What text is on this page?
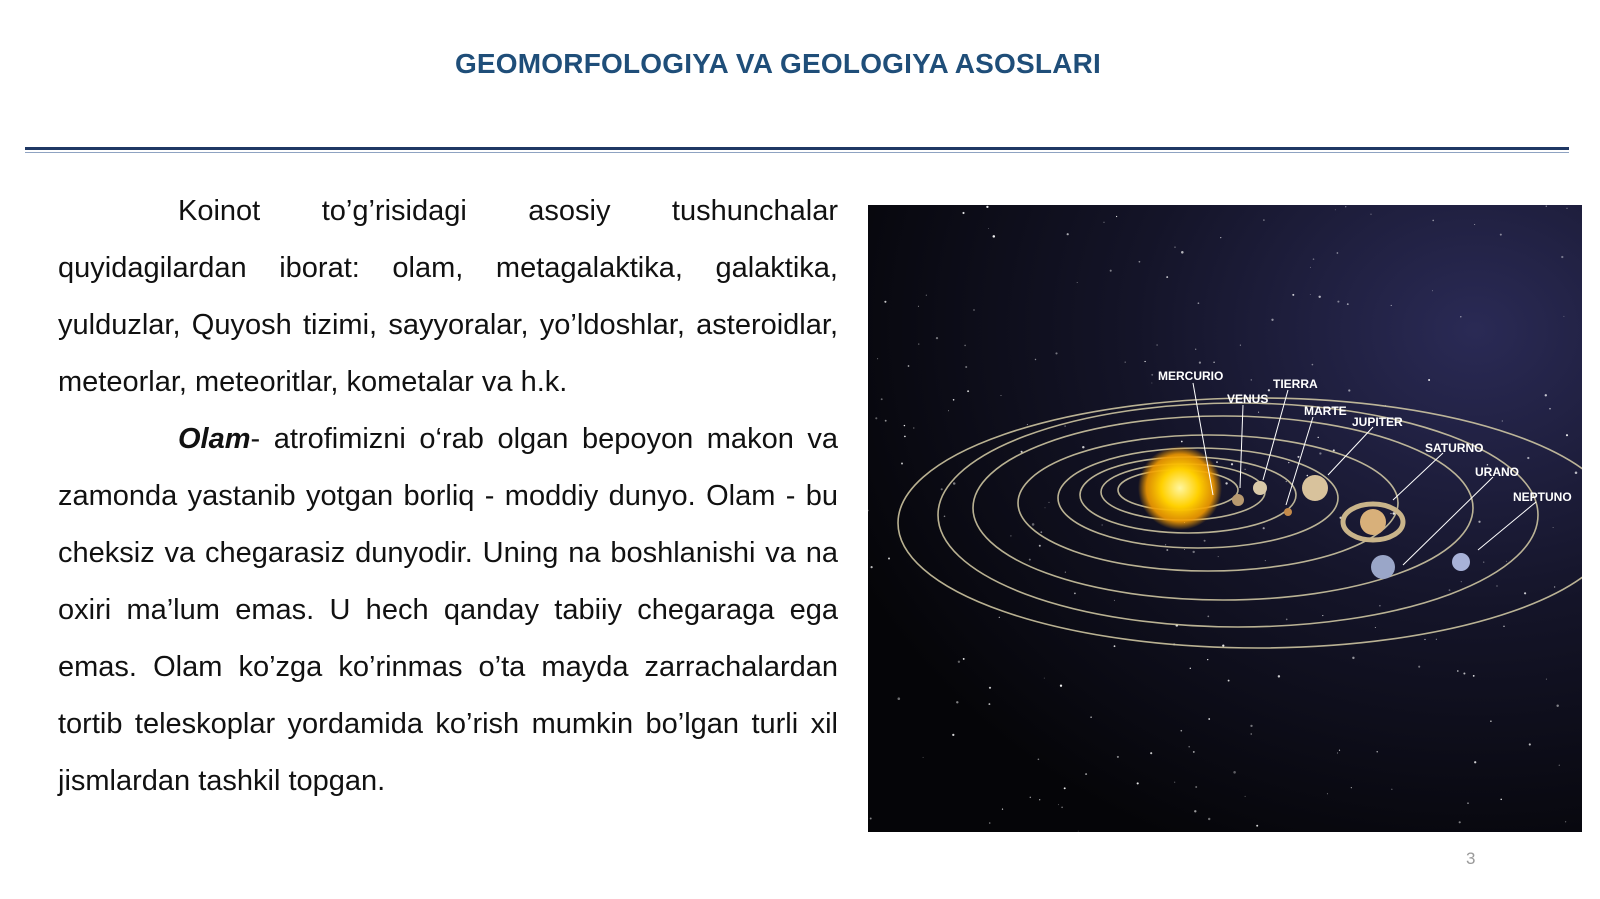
GEOMORFOLOGIYA VA GEOLOGIYA ASOSLARI

Koinot to’g’risidagi asosiy tushunchalar quyidagilardan iborat: olam, metagalaktika, galaktika, yulduzlar, Quyosh tizimi, sayyoralar, yo’ldoshlar, asteroidlar, meteorlar, meteoritlar, kometalar va h.k.

Olam- atrofimizni o‘rab olgan bepoyon makon va zamonda yastanib yotgan borliq - moddiy dunyo. Olam - bu cheksiz va chegarasiz dunyodir. Uning na boshlanishi va na oxiri ma’lum emas. U hech qanday tabiiy chegaraga ega emas. Olam ko’zga ko’rinmas o’ta mayda zarrachalardan tortib teleskoplar yordamida ko’rish mumkin bo’lgan turli xil jismlardan tashkil topgan.

MERCURIO
VENUS
TIERRA
MARTE
JUPITER
SATURNO
URANO
NEPTUNO
3
